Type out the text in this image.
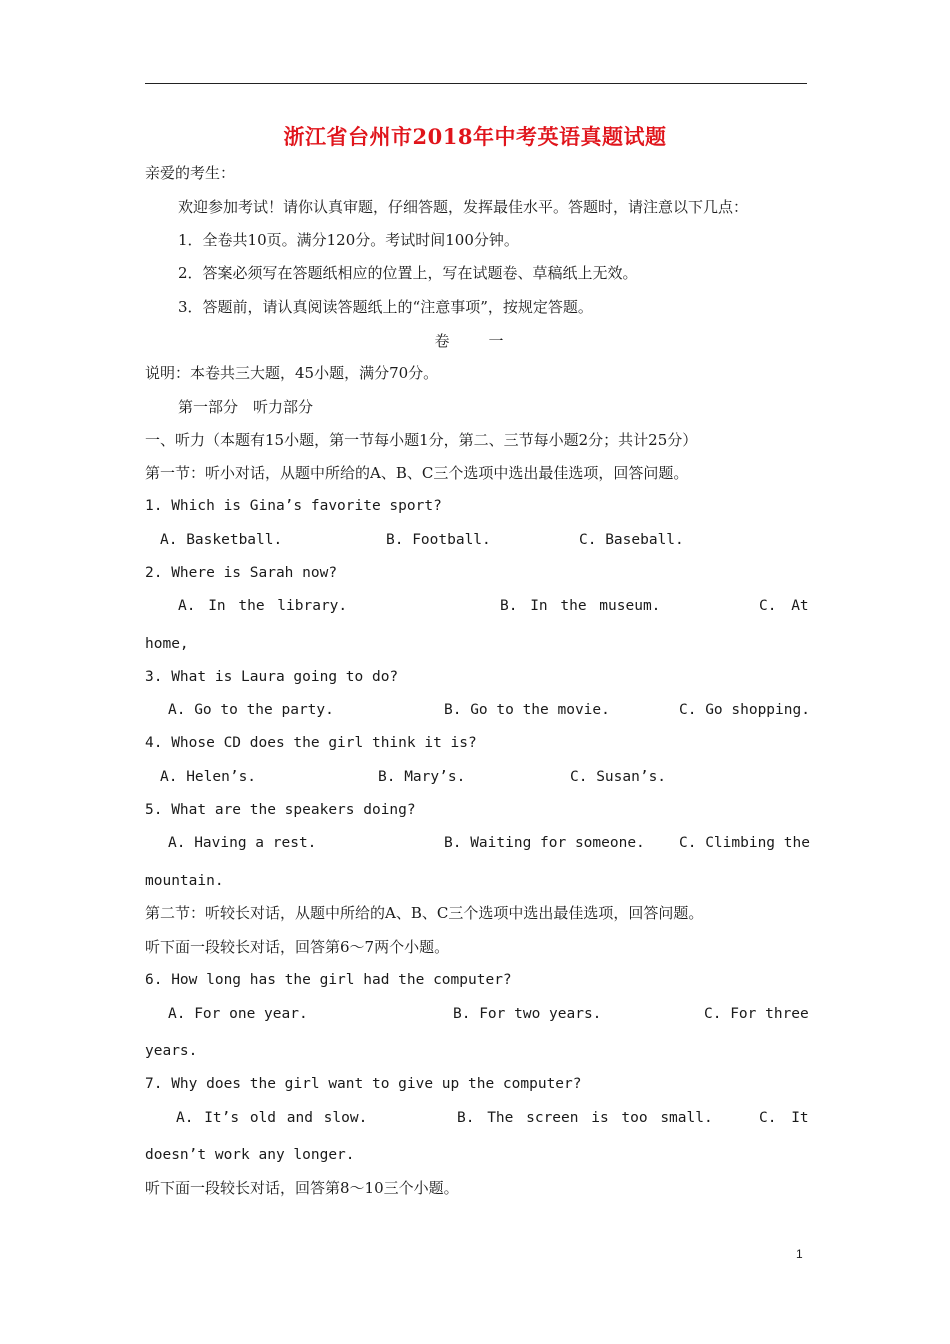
浙江省台州市2018年中考英语真题试题
亲爱的考生：
欢迎参加考试！请你认真审题，仔细答题，发挥最佳水平。答题时，请注意以下几点：
1．全卷共10页。满分120分。考试时间100分钟。
2．答案必须写在答题纸相应的位置上，写在试题卷、草稿纸上无效。
3．答题前，请认真阅读答题纸上的“注意事项”，按规定答题。
卷　一
说明：本卷共三大题，45小题，满分70分。
第一部分　听力部分
一、听力（本题有15小题，第一节每小题1分，第二、三节每小题2分；共计25分）
第一节：听小对话，从题中所给的A、B、C三个选项中选出最佳选项，回答问题。
1. Which is Gina’s favorite sport?
A. Basketball.	B. Football.	C. Baseball.
2. Where is Sarah now?
A. In the library.	B. In the museum.	C. At
home,
3. What is Laura going to do?
A. Go to the party.	B. Go to the movie.	C. Go shopping.
4. Whose CD does the girl think it is?
A. Helen’s.	B. Mary’s.	C. Susan’s.
5. What are the speakers doing?
A. Having a rest.	B. Waiting for someone. C. Climbing the
mountain.
第二节：听较长对话，从题中所给的A、B、C三个选项中选出最佳选项，回答问题。
听下面一段较长对话，回答第6～7两个小题。
6. How long has the girl had the computer?
A. For one year.	B. For two years.	C. For three
years.
7. Why does the girl want to give up the computer?
A. It’s old and slow.	B. The screen is too small.	C. It
doesn’t work any longer.
听下面一段较长对话，回答第8～10三个小题。
1
